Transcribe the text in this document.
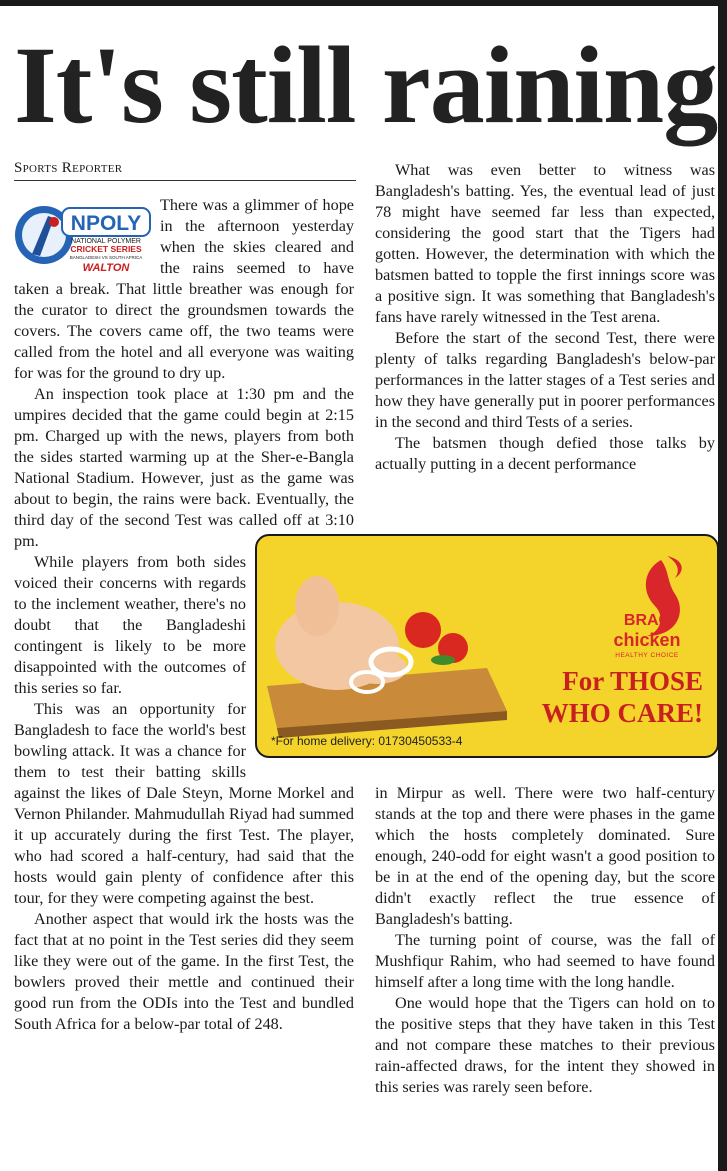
It's still raining
Sports Reporter
NPOLY
NATIONAL POLYMER
CRICKET SERIES
BANGLADESH VS SOUTH AFRICA
WALTON

There was a glimmer of hope in the afternoon yesterday when the skies cleared and the rains seemed to have taken a break. That little breather was enough for the curator to direct the groundsmen towards the covers. The covers came off, the two teams were called from the hotel and all everyone was waiting for was for the ground to dry up.

An inspection took place at 1:30 pm and the umpires decided that the game could begin at 2:15 pm. Charged up with the news, players from both the sides started warming up at the Sher-e-Bangla National Stadium. However, just as the game was about to begin, the rains were back. Eventually, the third day of the second Test was called off at 3:10 pm.

While players from both sides voiced their concerns with regards to the inclement weather, there's no doubt that the Bangladeshi contingent is likely to be more disappointed with the outcomes of this series so far.

This was an opportunity for Bangladesh to face the world's best bowling attack. It was a chance for them to test their batting skills against the likes of Dale Steyn, Morne Morkel and Vernon Philander. Mahmudullah Riyad had summed it up accurately during the first Test. The player, who had scored a half-century, had said that the hosts would gain plenty of confidence after this tour, for they were competing against the best.

Another aspect that would irk the hosts was the fact that at no point in the Test series did they seem like they were out of the game. In the first Test, the bowlers proved their mettle and continued their good run from the ODIs into the Test and bundled South Africa for a below-par total of 248.

What was even better to witness was Bangladesh's batting. Yes, the eventual lead of just 78 might have seemed far less than expected, considering the good start that the Tigers had gotten. However, the determination with which the batsmen batted to topple the first innings score was a positive sign. It was something that Bangladesh's fans have rarely witnessed in the Test arena.

Before the start of the second Test, there were plenty of talks regarding Bangladesh's below-par performances in the latter stages of a Test series and how they have generally put in poorer performances in the second and third Tests of a series.

The batsmen though defied those talks by actually putting in a decent performance

BRAC
chicken
HEALTHY CHOICE
For THOSE
WHO CARE!
*For home delivery: 01730450533-4

in Mirpur as well. There were two half-century stands at the top and there were phases in the game which the hosts completely dominated. Sure enough, 240-odd for eight wasn't a good position to be in at the end of the opening day, but the score didn't exactly reflect the true essence of Bangladesh's batting.

The turning point of course, was the fall of Mushfiqur Rahim, who had seemed to have found himself after a long time with the long handle.

One would hope that the Tigers can hold on to the positive steps that they have taken in this Test and not compare these matches to their previous rain-affected draws, for the intent they showed in this series was rarely seen before.
